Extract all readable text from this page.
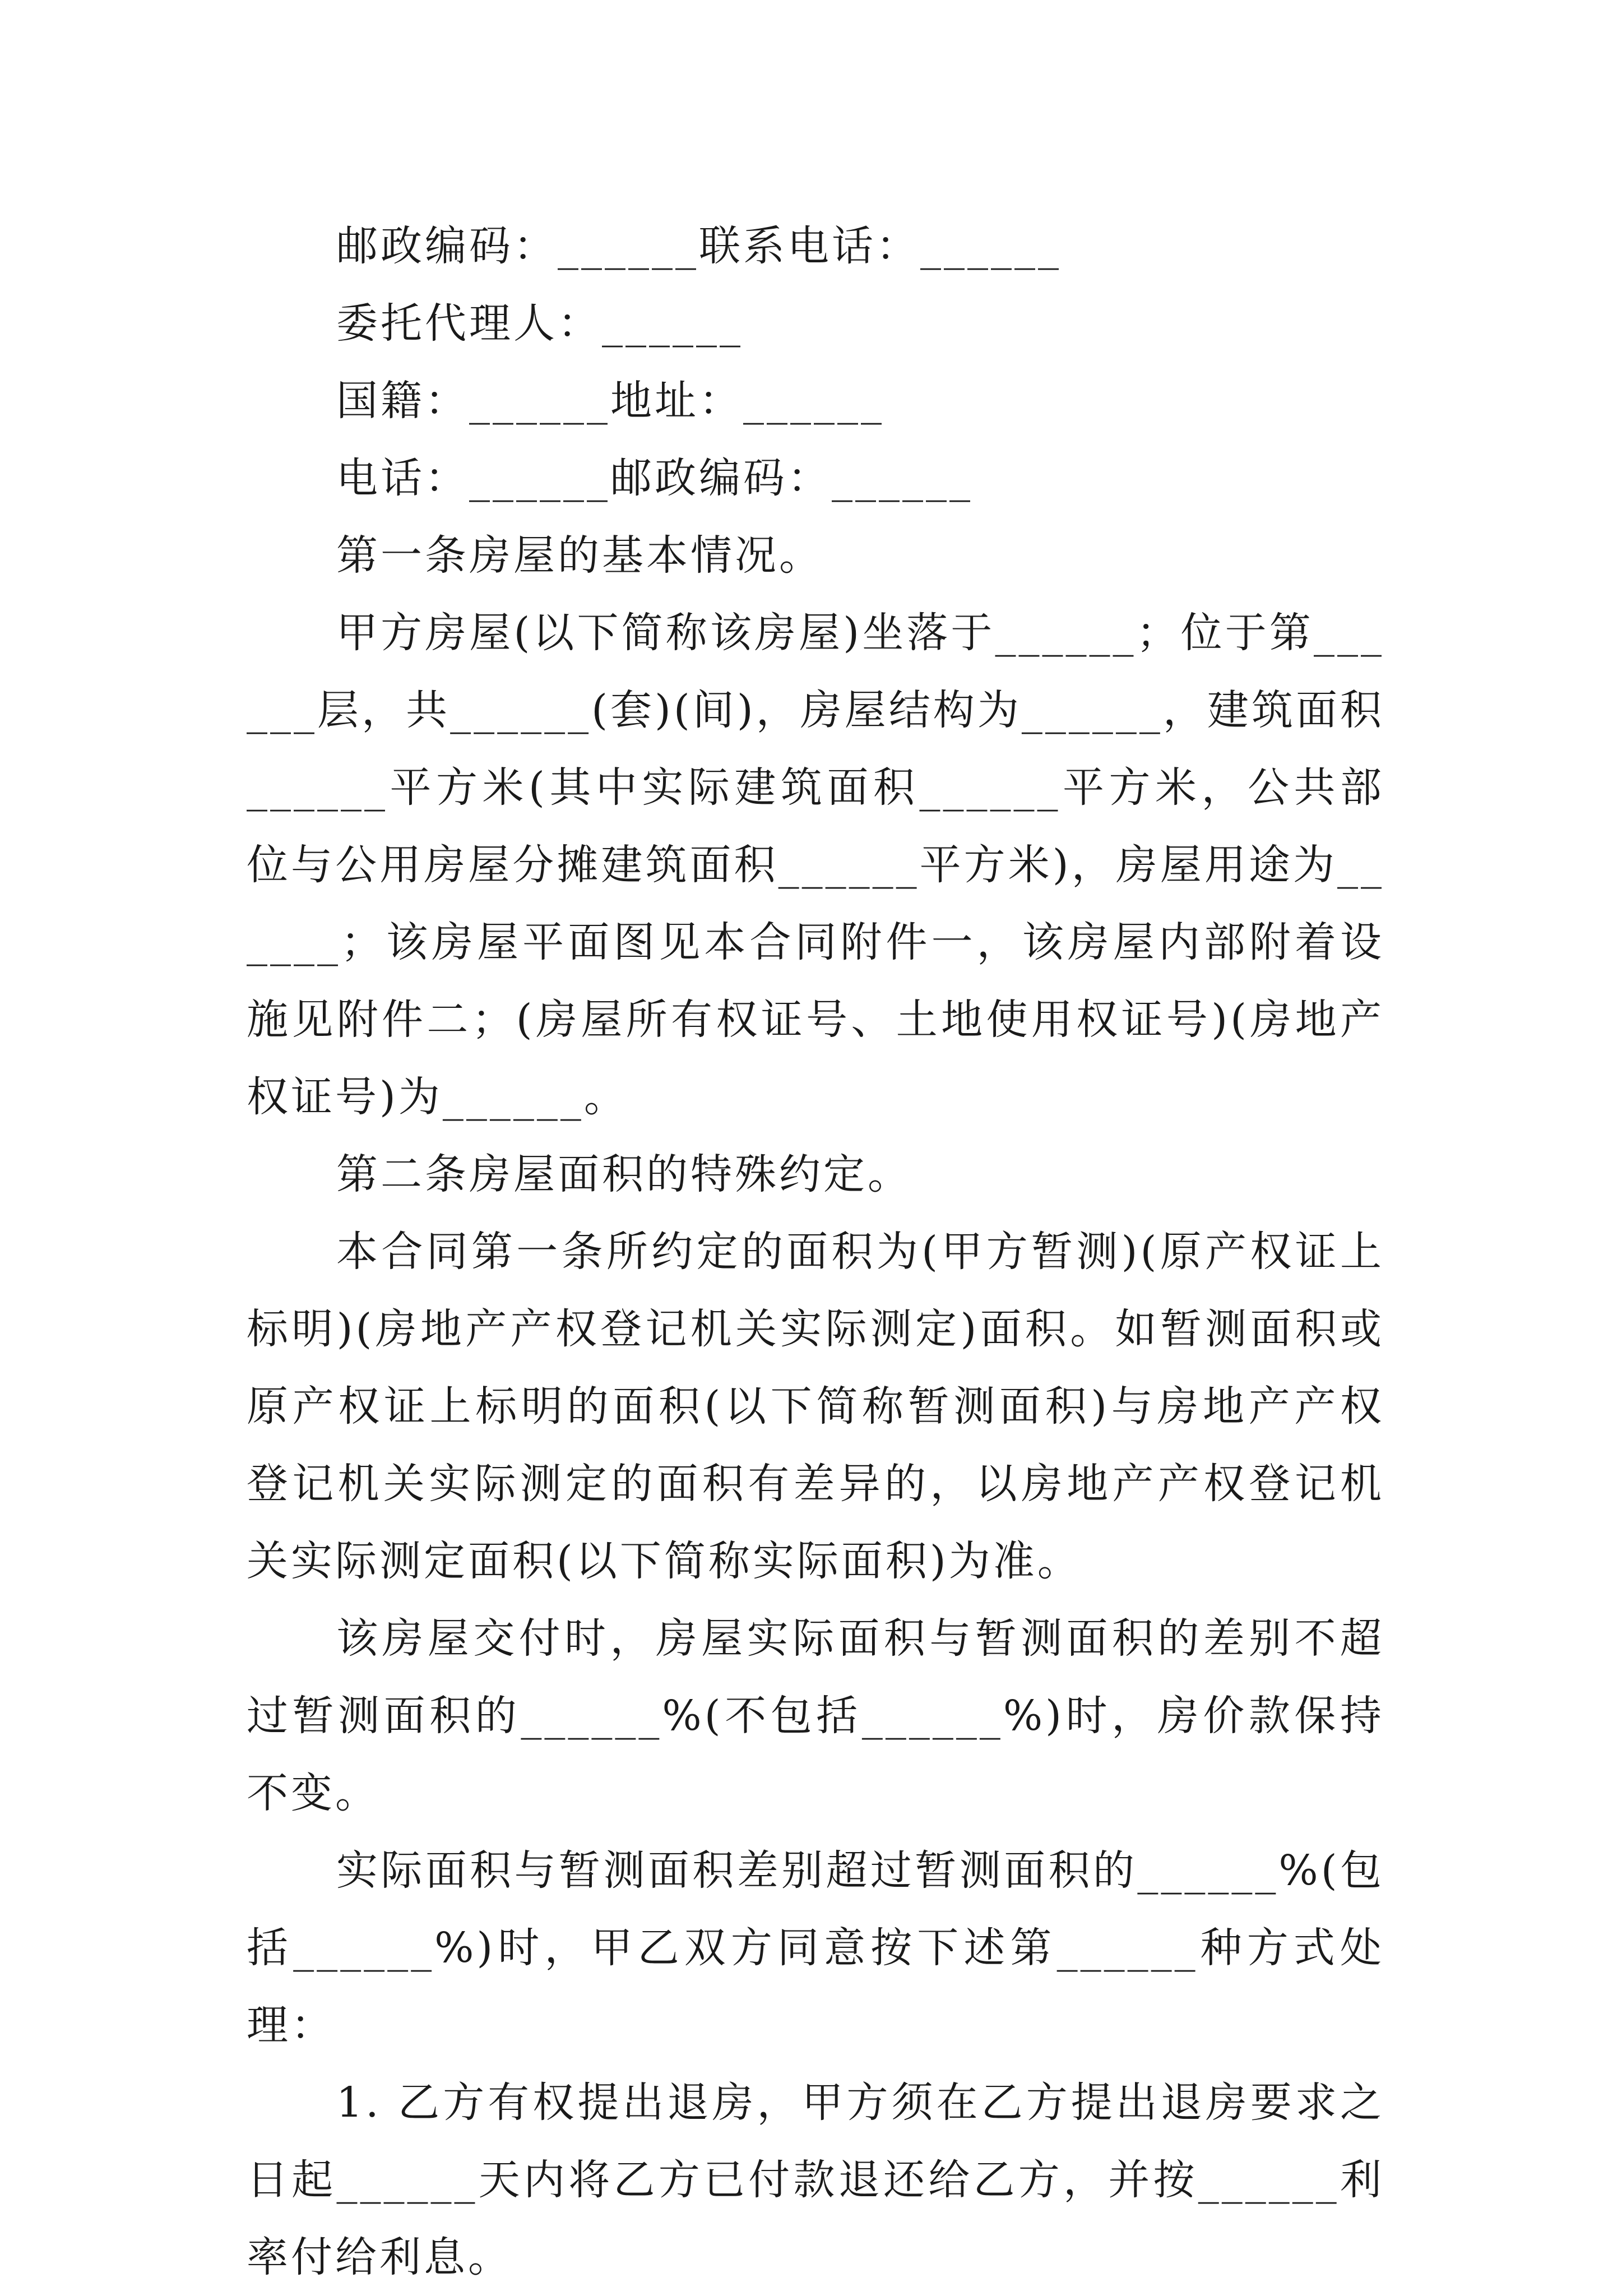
邮政编码：______联系电话：______

委托代理人：______

国籍：______地址：______

电话：______邮政编码：______

第一条房屋的基本情况。

甲方房屋(以下简称该房屋)坐落于______；位于第______层，共______(套)(间)，房屋结构为______，建筑面积______平方米(其中实际建筑面积______平方米，公共部位与公用房屋分摊建筑面积______平方米)，房屋用途为______；该房屋平面图见本合同附件一，该房屋内部附着设施见附件二；(房屋所有权证号、土地使用权证号)(房地产权证号)为______。

第二条房屋面积的特殊约定。

本合同第一条所约定的面积为(甲方暂测)(原产权证上标明)(房地产产权登记机关实际测定)面积。如暂测面积或原产权证上标明的面积(以下简称暂测面积)与房地产产权登记机关实际测定的面积有差异的，以房地产产权登记机关实际测定面积(以下简称实际面积)为准。

该房屋交付时，房屋实际面积与暂测面积的差别不超过暂测面积的______%(不包括______%)时，房价款保持不变。

实际面积与暂测面积差别超过暂测面积的______%(包括______%)时，甲乙双方同意按下述第______种方式处理：

1. 乙方有权提出退房，甲方须在乙方提出退房要求之日起______天内将乙方已付款退还给乙方，并按______利率付给利息。
